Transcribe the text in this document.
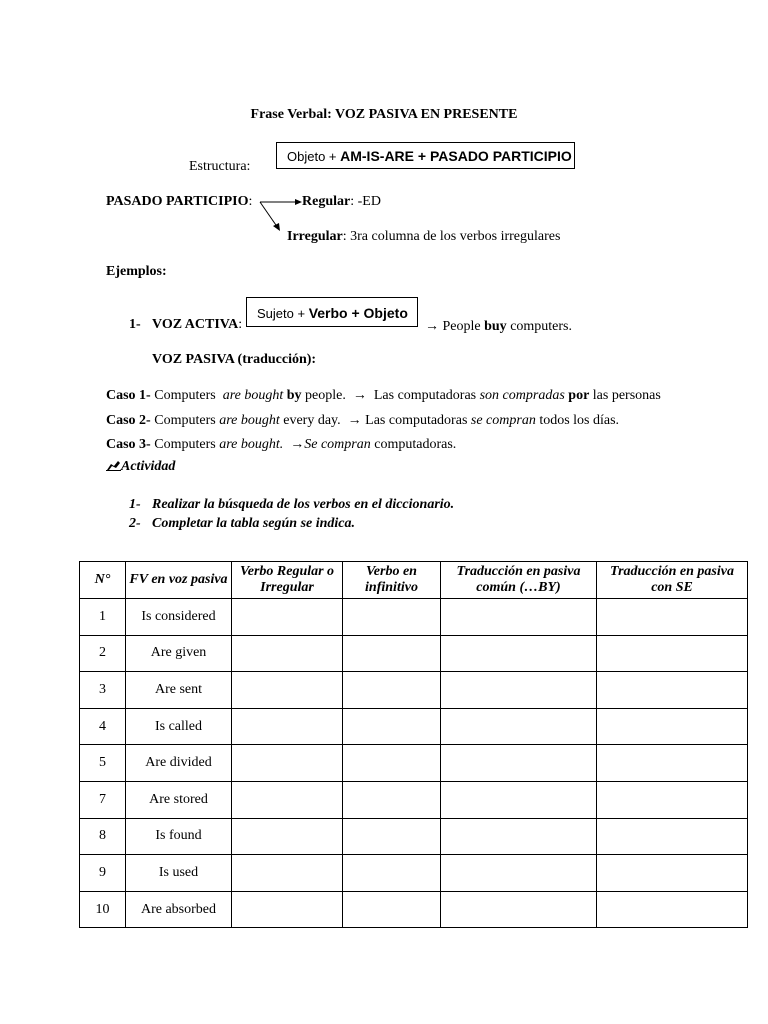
Frase Verbal: VOZ PASIVA EN PRESENTE
Estructura:
Objeto + AM-IS-ARE + PASADO PARTICIPIO
PASADO PARTICIPIO:	Regular: -ED
Irregular: 3ra columna de los verbos irregulares
Ejemplos:
1- VOZ ACTIVA:
Sujeto + Verbo + Objeto
→ People buy computers.
VOZ PASIVA (traducción):
Caso 1- Computers  are bought by people.  →  Las computadoras son compradas por las personas
Caso 2- Computers are bought every day.  → Las computadoras se compran todos los días.
Caso 3- Computers are bought. →Se compran computadoras.
Actividad
1- Realizar la búsqueda de los verbos en el diccionario.
2- Completar la tabla según se indica.
N°	FV en voz pasiva	Verbo Regular o Irregular	Verbo en infinitivo	Traducción en pasiva común (…BY)	Traducción en pasiva con SE
1	Is considered				
2	Are given				
3	Are sent				
4	Is called				
5	Are divided				
7	Are stored				
8	Is found				
9	Is used				
10	Are absorbed				
